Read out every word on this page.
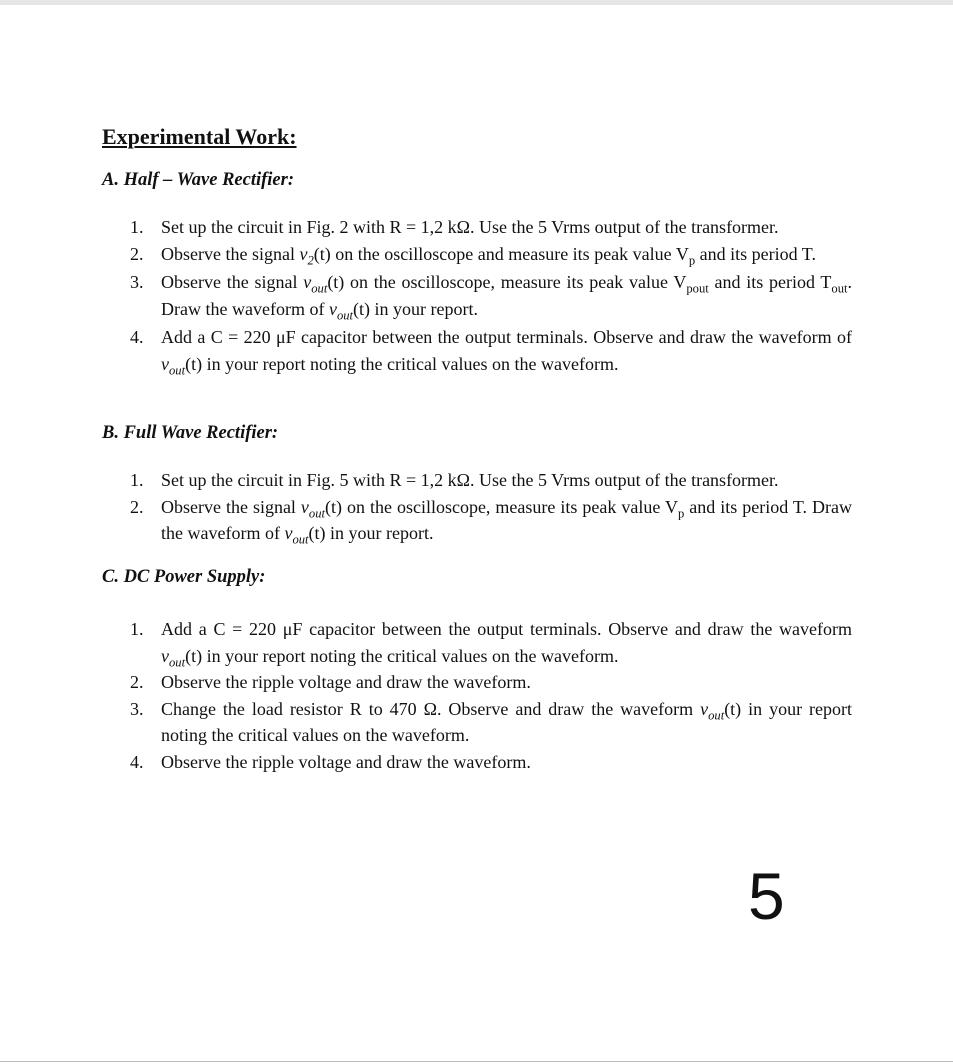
Experimental Work:
A. Half – Wave Rectifier:
1. Set up the circuit in Fig. 2 with R = 1,2 kΩ. Use the 5 Vrms output of the transformer.
2. Observe the signal $v_2(t)$ on the oscilloscope and measure its peak value $V_p$ and its period T.
3. Observe the signal $v_{out}(t)$ on the oscilloscope, measure its peak value $V_{pout}$ and its period $T_{out}$. Draw the waveform of $v_{out}(t)$ in your report.
4. Add a C = 220 μF capacitor between the output terminals. Observe and draw the waveform of $v_{out}(t)$ in your report noting the critical values on the waveform.
B. Full Wave Rectifier:
1. Set up the circuit in Fig. 5 with R = 1,2 kΩ. Use the 5 Vrms output of the transformer.
2. Observe the signal $v_{out}(t)$ on the oscilloscope, measure its peak value $V_p$ and its period T. Draw the waveform of $v_{out}(t)$ in your report.
C. DC Power Supply:
1. Add a C = 220 μF capacitor between the output terminals. Observe and draw the waveform $v_{out}(t)$ in your report noting the critical values on the waveform.
2. Observe the ripple voltage and draw the waveform.
3. Change the load resistor R to 470 Ω. Observe and draw the waveform $v_{out}(t)$ in your report noting the critical values on the waveform.
4. Observe the ripple voltage and draw the waveform.
5
